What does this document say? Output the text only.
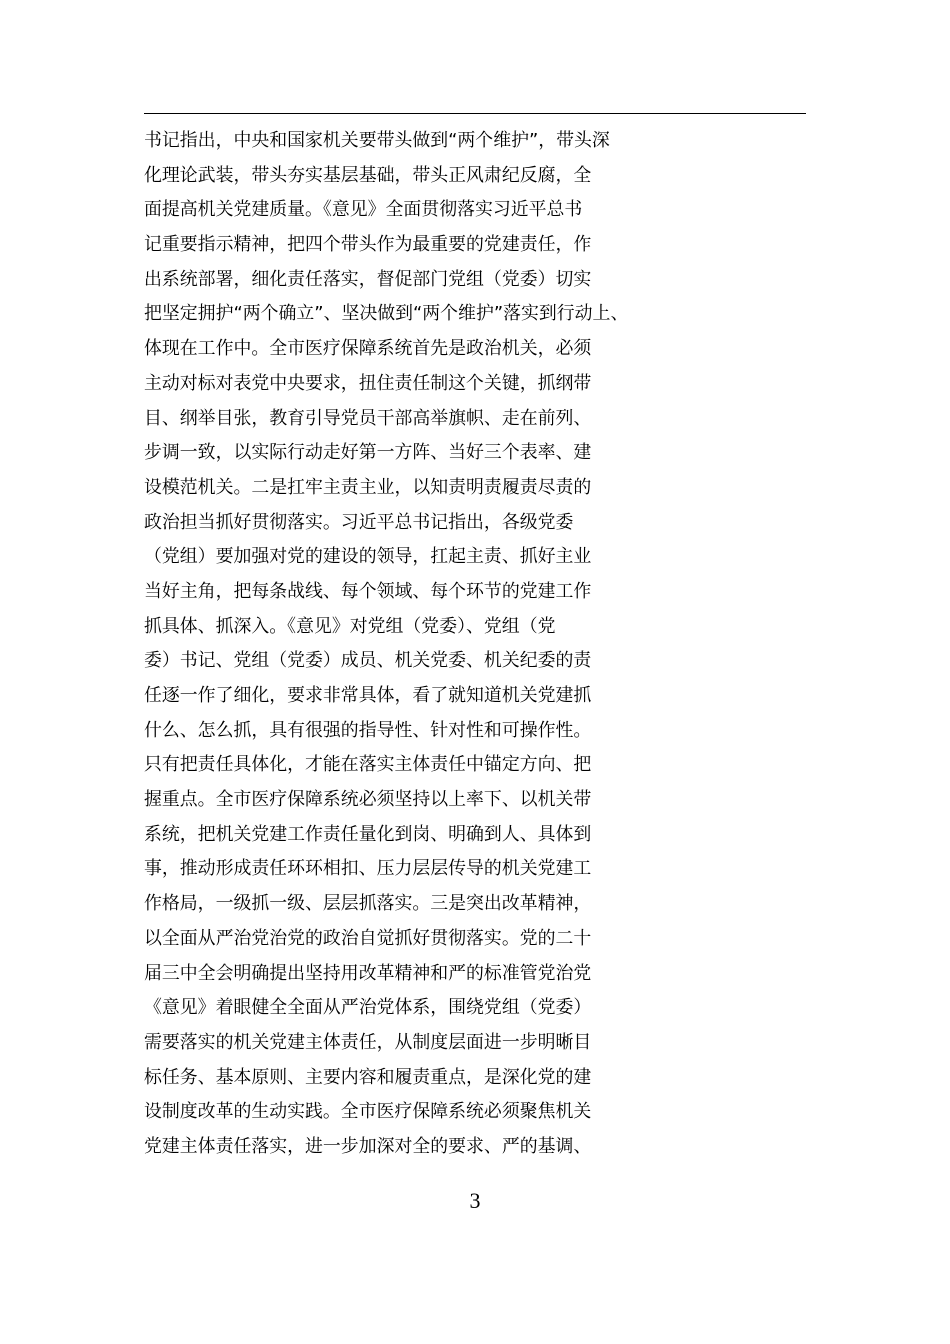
书记指出，中央和国家机关要带头做到“两个维护”，带头深
化理论武装，带头夯实基层基础，带头正风肃纪反腐，全
面提高机关党建质量。《意见》全面贯彻落实习近平总书
记重要指示精神，把四个带头作为最重要的党建责任，作
出系统部署，细化责任落实，督促部门党组（党委）切实
把坚定拥护“两个确立”、坚决做到“两个维护”落实到行动上、
体现在工作中。全市医疗保障系统首先是政治机关，必须
主动对标对表党中央要求，扭住责任制这个关键，抓纲带
目、纲举目张，教育引导党员干部高举旗帜、走在前列、
步调一致，以实际行动走好第一方阵、当好三个表率、建
设模范机关。二是扛牢主责主业，以知责明责履责尽责的
政治担当抓好贯彻落实。习近平总书记指出，各级党委
（党组）要加强对党的建设的领导，扛起主责、抓好主业
当好主角，把每条战线、每个领域、每个环节的党建工作
抓具体、抓深入。《意见》对党组（党委）、党组（党
委）书记、党组（党委）成员、机关党委、机关纪委的责
任逐一作了细化，要求非常具体，看了就知道机关党建抓
什么、怎么抓，具有很强的指导性、针对性和可操作性。
只有把责任具体化，才能在落实主体责任中锚定方向、把
握重点。全市医疗保障系统必须坚持以上率下、以机关带
系统，把机关党建工作责任量化到岗、明确到人、具体到
事，推动形成责任环环相扣、压力层层传导的机关党建工
作格局，一级抓一级、层层抓落实。三是突出改革精神，
以全面从严治党治党的政治自觉抓好贯彻落实。党的二十
届三中全会明确提出坚持用改革精神和严的标准管党治党
《意见》着眼健全全面从严治党体系，围绕党组（党委）
需要落实的机关党建主体责任，从制度层面进一步明晰目
标任务、基本原则、主要内容和履责重点，是深化党的建
设制度改革的生动实践。全市医疗保障系统必须聚焦机关
党建主体责任落实，进一步加深对全的要求、严的基调、
3
